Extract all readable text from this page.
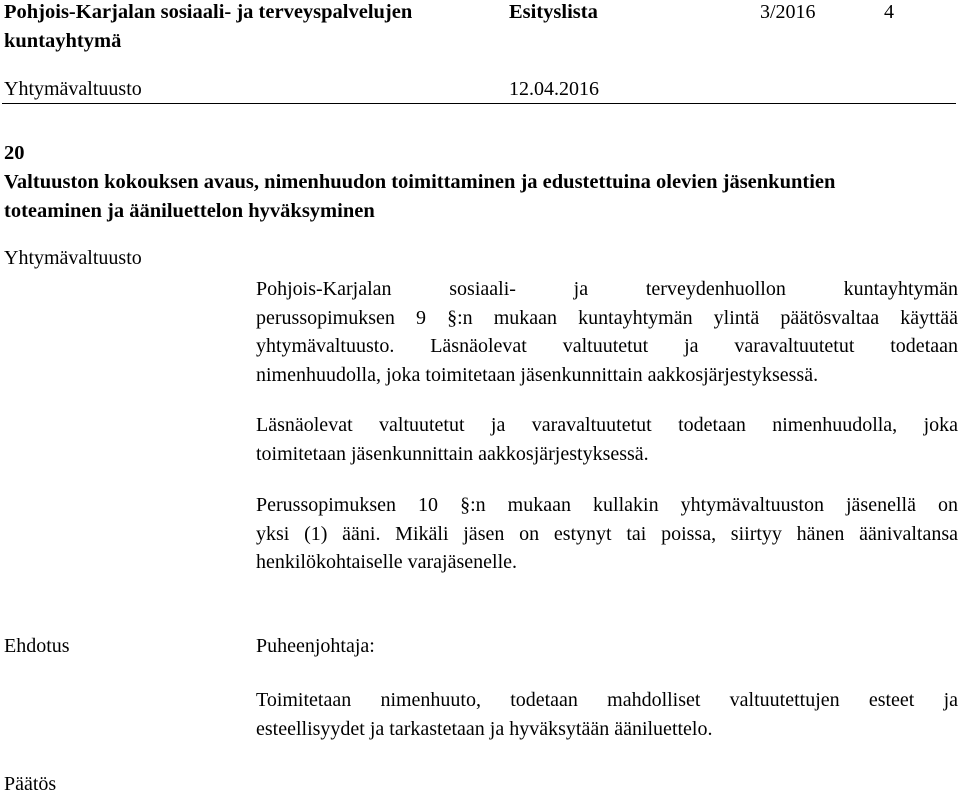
Pohjois-Karjalan sosiaali- ja terveyspalvelujen
kuntayhtymä
Esityslista	3/2016	4
Yhtymävaltuusto	12.04.2016
20
Valtuuston kokouksen avaus, nimenhuudon toimittaminen ja edustettuina olevien jäsenkuntien
toteaminen ja ääniluettelon hyväksyminen
Yhtymävaltuusto
Pohjois-Karjalan sosiaali- ja terveydenhuollon kuntayhtymän
perussopimuksen 9 §:n mukaan kuntayhtymän ylintä päätösvaltaa käyttää
yhtymävaltuusto. Läsnäolevat valtuutetut ja varavaltuutetut todetaan
nimenhuudolla, joka toimitetaan jäsenkunnittain aakkosjärjestyksessä.
Läsnäolevat valtuutetut ja varavaltuutetut todetaan nimenhuudolla, joka
toimitetaan jäsenkunnittain aakkosjärjestyksessä.
Perussopimuksen 10 §:n mukaan kullakin yhtymävaltuuston jäsenellä on
yksi (1) ääni. Mikäli jäsen on estynyt tai poissa, siirtyy hänen äänivaltansa
henkilökohtaiselle varajäsenelle.
Ehdotus	Puheenjohtaja:
Toimitetaan nimenhuuto, todetaan mahdolliset valtuutettujen esteet ja
esteellisyydet ja tarkastetaan ja hyväksytään ääniluettelo.
Päätös
